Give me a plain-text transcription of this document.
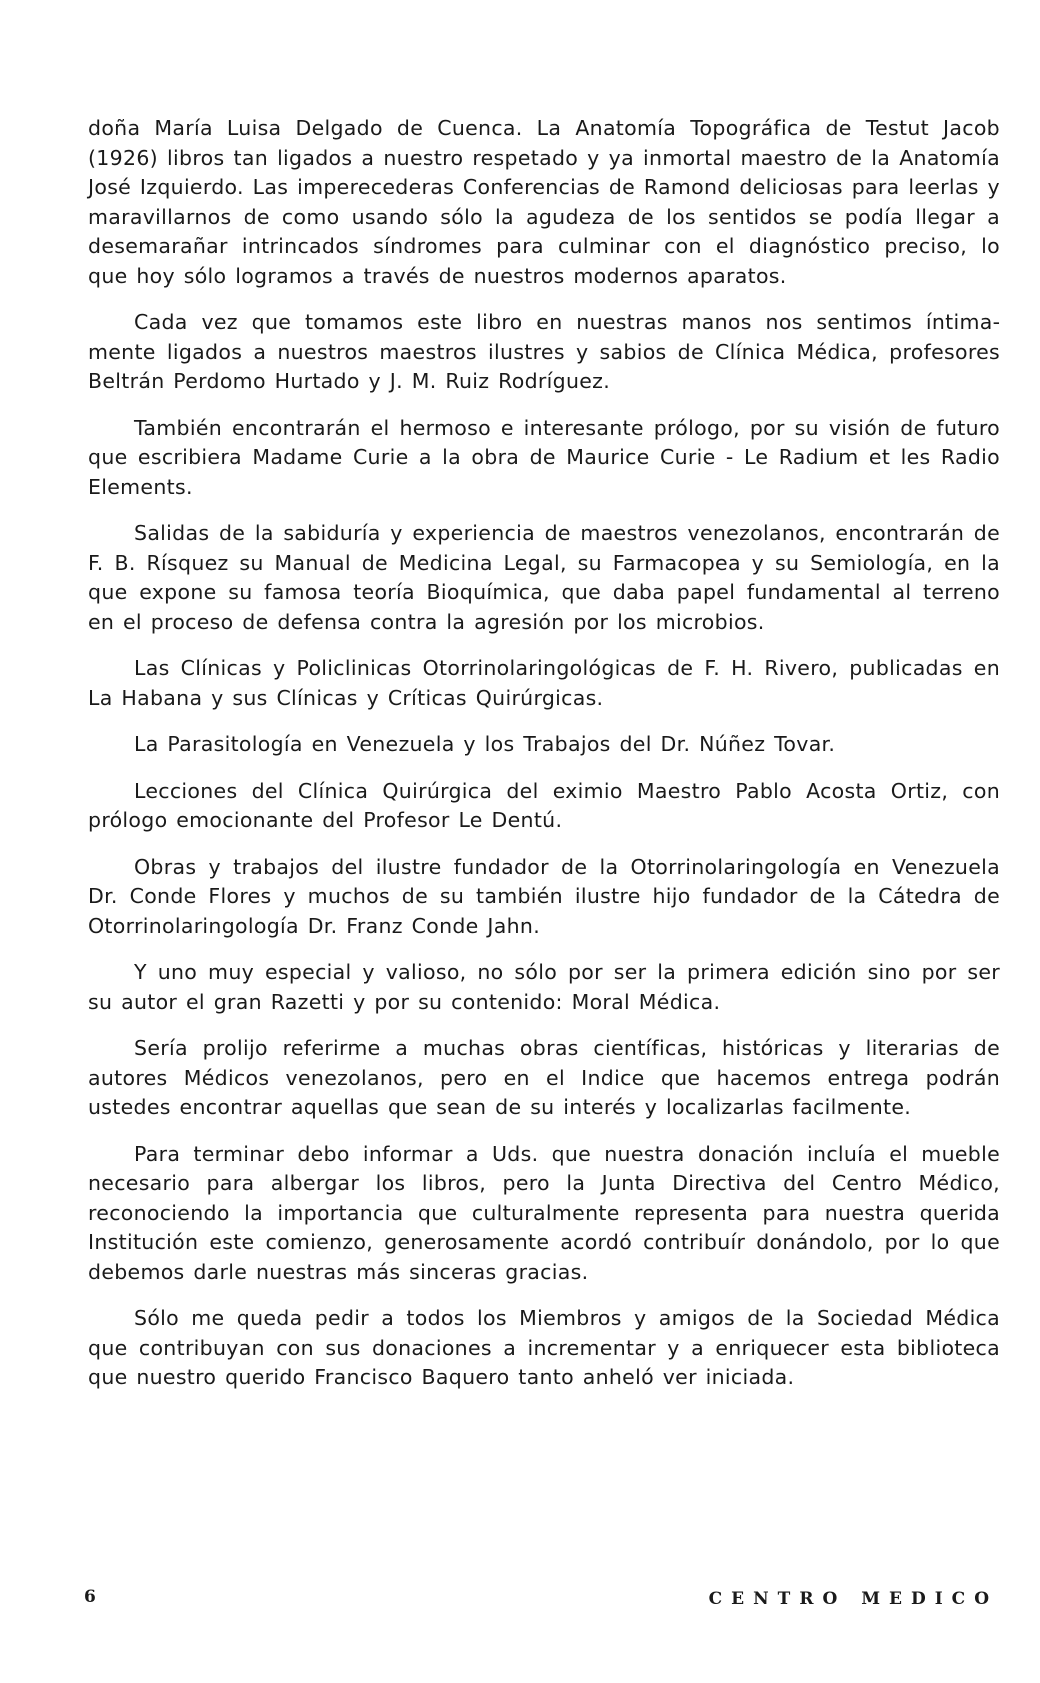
doña María Luisa Delgado de Cuenca. La Anatomía Topográfica de Testut Jacob (1926) libros tan ligados a nuestro respetado y ya inmortal maestro de la Anatomía José Izquierdo. Las imperecederas Conferencias de Ramond deliciosas para leerlas y maravillarnos de como usando sólo la agudeza de los sentidos se podía llegar a desemarañar intrincados síndromes para culminar con el diagnóstico preciso, lo que hoy sólo logramos a través de nuestros modernos aparatos.

Cada vez que tomamos este libro en nuestras manos nos sentimos íntimamente ligados a nuestros maestros ilustres y sabios de Clínica Médica, profesores Beltrán Perdomo Hurtado y J. M. Ruiz Rodríguez.

También encontrarán el hermoso e interesante prólogo, por su visión de futuro que escribiera Madame Curie a la obra de Maurice Curie - Le Radium et les Radio Elements.

Salidas de la sabiduría y experiencia de maestros venezolanos, encontrarán de F. B. Rísquez su Manual de Medicina Legal, su Farmacopea y su Semiología, en la que expone su famosa teoría Bioquímica, que daba papel fundamental al terreno en el proceso de defensa contra la agresión por los microbios.

Las Clínicas y Policlinicas Otorrinolaringológicas de F. H. Rivero, publicadas en La Habana y sus Clínicas y Críticas Quirúrgicas.

La Parasitología en Venezuela y los Trabajos del Dr. Núñez Tovar.

Lecciones del Clínica Quirúrgica del eximio Maestro Pablo Acosta Ortiz, con prólogo emocionante del Profesor Le Dentú.

Obras y trabajos del ilustre fundador de la Otorrinolaringología en Venezuela Dr. Conde Flores y muchos de su también ilustre hijo fundador de la Cátedra de Otorrinolaringología Dr. Franz Conde Jahn.

Y uno muy especial y valioso, no sólo por ser la primera edición sino por ser su autor el gran Razetti y por su contenido: Moral Médica.

Sería prolijo referirme a muchas obras científicas, históricas y literarias de autores Médicos venezolanos, pero en el Indice que hacemos entrega podrán ustedes encontrar aquellas que sean de su interés y localizarlas facilmente.

Para terminar debo informar a Uds. que nuestra donación incluía el mueble necesario para albergar los libros, pero la Junta Directiva del Centro Médico, reconociendo la importancia que culturalmente representa para nuestra querida Institución este comienzo, generosamente acordó contribuír donándolo, por lo que debemos darle nuestras más sinceras gracias.

Sólo me queda pedir a todos los Miembros y amigos de la Sociedad Médica que contribuyan con sus donaciones a incrementar y a enriquecer esta biblioteca que nuestro querido Francisco Baquero tanto anheló ver iniciada.

6	CENTRO MEDICO
